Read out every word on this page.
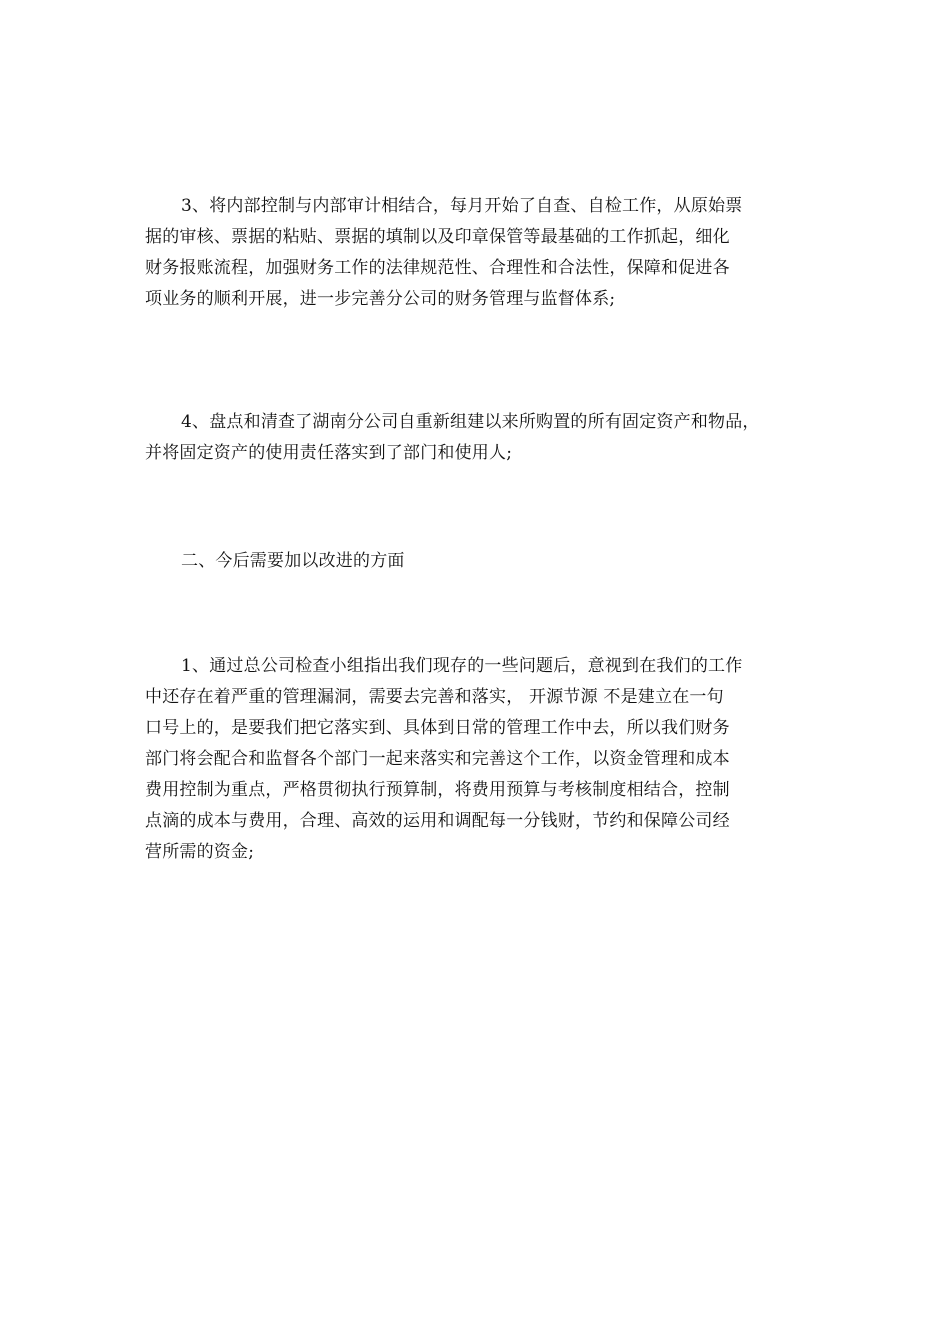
3、将内部控制与内部审计相结合，每月开始了自查、自检工作，从原始票
据的审核、票据的粘贴、票据的填制以及印章保管等最基础的工作抓起，细化
财务报账流程，加强财务工作的法律规范性、合理性和合法性，保障和促进各
项业务的顺利开展，进一步完善分公司的财务管理与监督体系;

4、盘点和清查了湖南分公司自重新组建以来所购置的所有固定资产和物品，
并将固定资产的使用责任落实到了部门和使用人;

二、今后需要加以改进的方面

1、通过总公司检查小组指出我们现存的一些问题后，意视到在我们的工作
中还存在着严重的管理漏洞，需要去完善和落实， 开源节源 不是建立在一句
口号上的，是要我们把它落实到、具体到日常的管理工作中去，所以我们财务
部门将会配合和监督各个部门一起来落实和完善这个工作，以资金管理和成本
费用控制为重点，严格贯彻执行预算制，将费用预算与考核制度相结合，控制
点滴的成本与费用，合理、高效的运用和调配每一分钱财，节约和保障公司经
营所需的资金;
